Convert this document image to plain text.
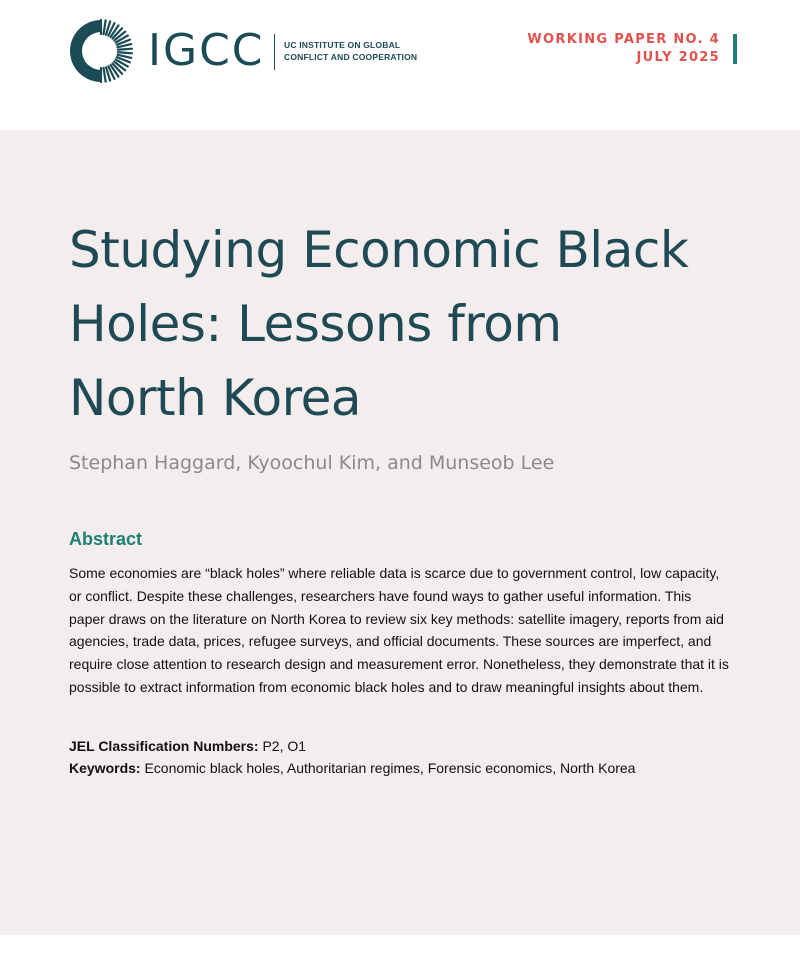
IGCC UC INSTITUTE ON GLOBAL
CONFLICT AND COOPERATION
WORKING PAPER NO. 4
JULY 2025
Studying Economic Black Holes: Lessons from North Korea
Stephan Haggard, Kyoochul Kim, and Munseob Lee
Abstract

Some economies are “black holes” where reliable data is scarce due to government control, low capacity, or conflict. Despite these challenges, researchers have found ways to gather useful information. This paper draws on the literature on North Korea to review six key methods: satellite imagery, reports from aid agencies, trade data, prices, refugee surveys, and official documents. These sources are imperfect, and require close attention to research design and measurement error. Nonetheless, they demonstrate that it is possible to extract information from economic black holes and to draw meaningful insights about them.

JEL Classification Numbers: P2, O1
Keywords: Economic black holes, Authoritarian regimes, Forensic economics, North Korea
